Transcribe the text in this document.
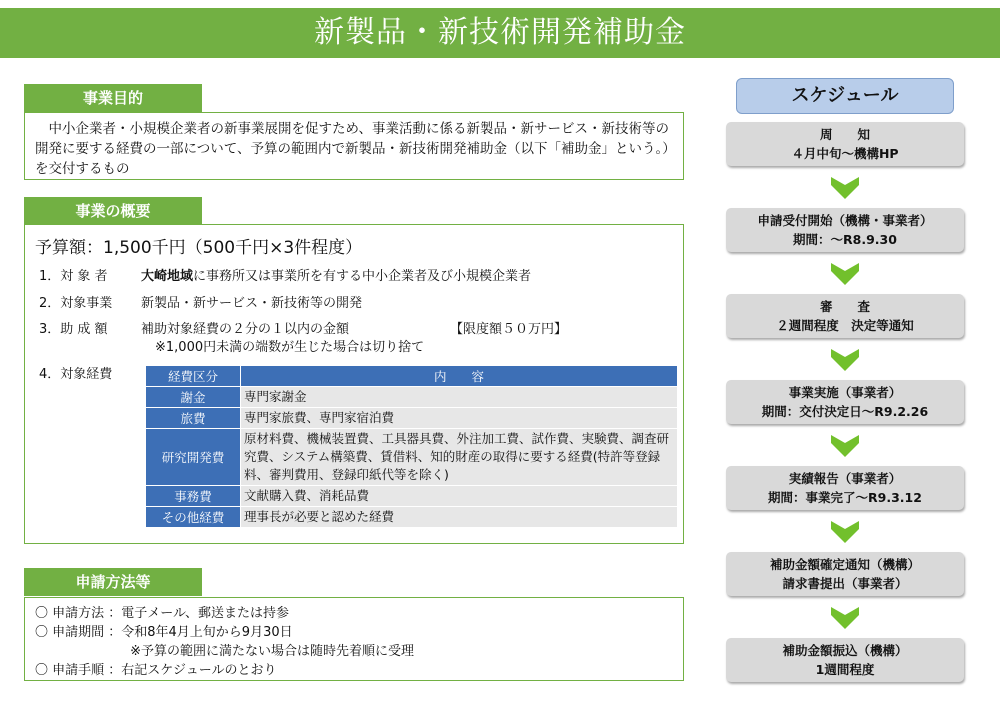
新製品・新技術開発補助金
事業目的
　中小企業者・小規模企業者の新事業展開を促すため、事業活動に係る新製品・新サービス・新技術等の開発に要する経費の一部について、予算の範囲内で新製品・新技術開発補助金（以下「補助金」という。）を交付するもの
事業の概要
予算額：1,500千円（500千円×3件程度）
1．対 象 者	大崎地域に事務所又は事業所を有する中小企業者及び小規模企業者
2．対象事業	新製品・新サービス・新技術等の開発
3．助 成 額	補助対象経費の２分の１以内の金額	【限度額５０万円】
※1,000円未満の端数が生じた場合は切り捨て
4．対象経費	経費区分	内　　容
謝金	専門家謝金
旅費	専門家旅費、専門家宿泊費
研究開発費	原材料費、機械装置費、工具器具費、外注加工費、試作費、実験費、調査研究費、システム構築費、賃借料、知的財産の取得に要する経費(特許等登録料、審判費用、登録印紙代等を除く)
事務費	文献購入費、消耗品費
その他経費	理事長が必要と認めた経費
申請方法等
〇 申請方法 ：電子メール、郵送または持参
〇 申請期間 ：令和8年4月上旬から9月30日
　　　　　　　 ※予算の範囲に満たない場合は随時先着順に受理
〇 申請手順 ：右記スケジュールのとおり
スケジュール
周　　知
４月中旬～機構HP
申請受付開始（機構・事業者）
期間：～R8.9.30
審　　査
２週間程度　決定等通知
事業実施（事業者）
期間：交付決定日～R9.2.26
実績報告（事業者）
期間：事業完了～R9.3.12
補助金額確定通知（機構）
請求書提出（事業者）
補助金額振込（機構）
1週間程度
